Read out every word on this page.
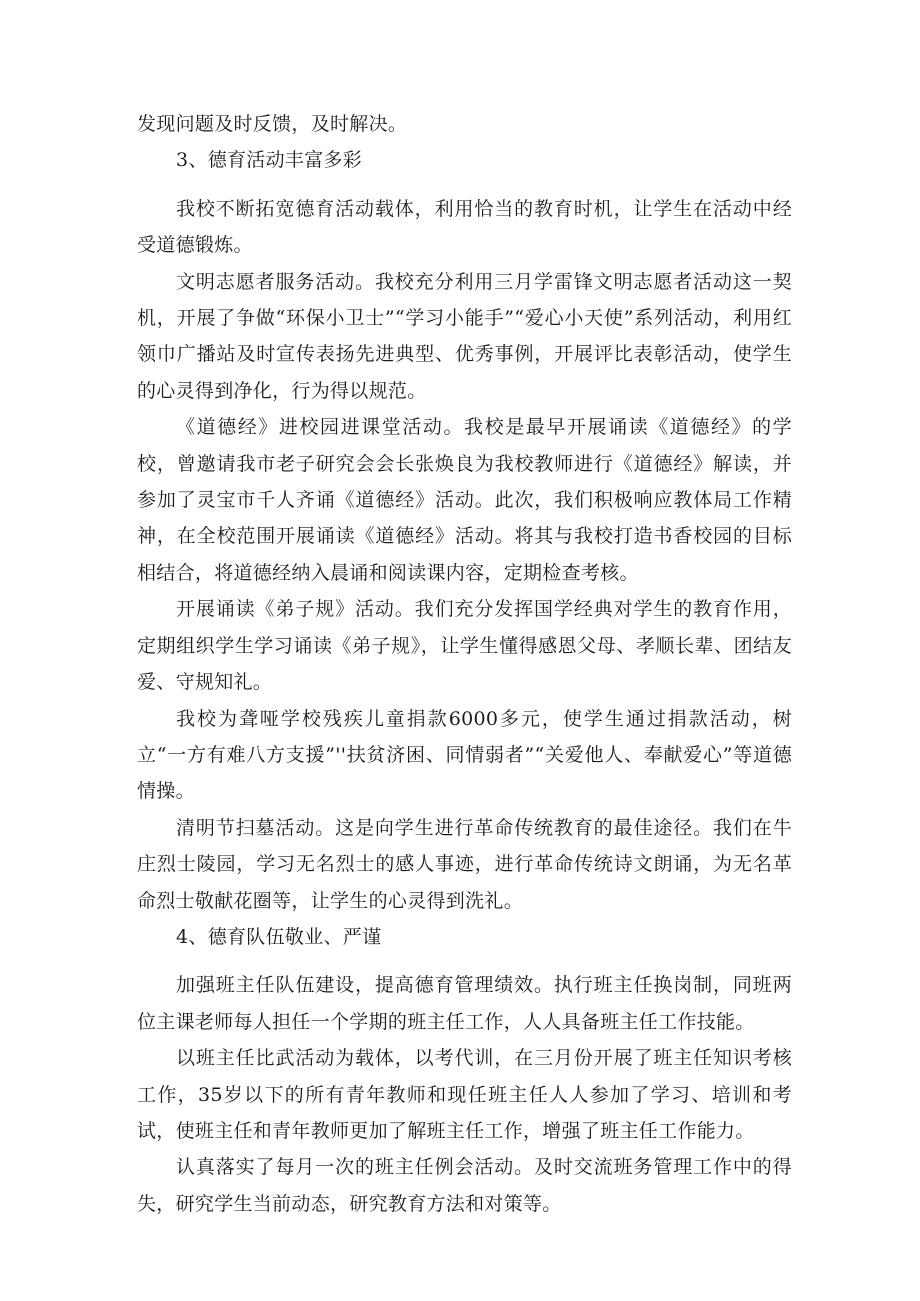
发现问题及时反馈，及时解决。

3、德育活动丰富多彩

我校不断拓宽德育活动载体，利用恰当的教育时机，让学生在活动中经受道德锻炼。

文明志愿者服务活动。我校充分利用三月学雷锋文明志愿者活动这一契机，开展了争做“环保小卫士”“学习小能手”“爱心小天使”系列活动，利用红领巾广播站及时宣传表扬先进典型、优秀事例，开展评比表彰活动，使学生的心灵得到净化，行为得以规范。

《道德经》进校园进课堂活动。我校是最早开展诵读《道德经》的学校，曾邀请我市老子研究会会长张焕良为我校教师进行《道德经》解读，并参加了灵宝市千人齐诵《道德经》活动。此次，我们积极响应教体局工作精神，在全校范围开展诵读《道德经》活动。将其与我校打造书香校园的目标相结合，将道德经纳入晨诵和阅读课内容，定期检查考核。

开展诵读《弟子规》活动。我们充分发挥国学经典对学生的教育作用，定期组织学生学习诵读《弟子规》，让学生懂得感恩父母、孝顺长辈、团结友爱、守规知礼。

我校为聋哑学校残疾儿童捐款6000多元，使学生通过捐款活动，树立“一方有难八方支援”''扶贫济困、同情弱者”“关爱他人、奉献爱心”等道德情操。

清明节扫墓活动。这是向学生进行革命传统教育的最佳途径。我们在牛庄烈士陵园，学习无名烈士的感人事迹，进行革命传统诗文朗诵，为无名革命烈士敬献花圈等，让学生的心灵得到洗礼。

4、德育队伍敬业、严谨

加强班主任队伍建设，提高德育管理绩效。执行班主任换岗制，同班两位主课老师每人担任一个学期的班主任工作，人人具备班主任工作技能。

以班主任比武活动为载体，以考代训，在三月份开展了班主任知识考核工作，35岁以下的所有青年教师和现任班主任人人参加了学习、培训和考试，使班主任和青年教师更加了解班主任工作，增强了班主任工作能力。

认真落实了每月一次的班主任例会活动。及时交流班务管理工作中的得失，研究学生当前动态，研究教育方法和对策等。
